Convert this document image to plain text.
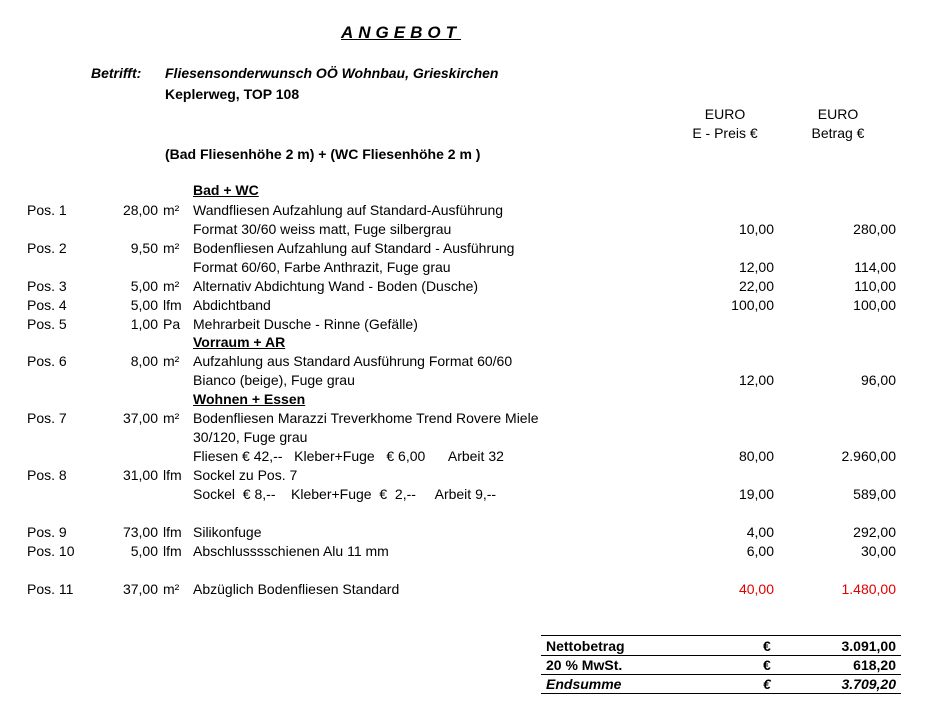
ANGEBOT
Betrifft: Fliesensonderwunsch OÖ Wohnbau, Grieskirchen
Keplerweg, TOP 108
EURO
E - Preis €
EURO
Betrag €
(Bad Fliesenhöhe 2 m) + (WC Fliesenhöhe 2 m )
Bad + WC
Pos. 1	28,00 m² Wandfliesen Aufzahlung auf Standard-Ausführung
Format 30/60 weiss matt, Fuge silbergrau	10,00	280,00
Pos. 2	9,50 m² Bodenfliesen Aufzahlung auf Standard - Ausführung
Format 60/60, Farbe Anthrazit, Fuge grau	12,00	114,00
Pos. 3	5,00 m² Alternativ Abdichtung Wand - Boden (Dusche)	22,00	110,00
Pos. 4	5,00 lfm Abdichtband	100,00	100,00
Pos. 5	1,00 Pa Mehrarbeit Dusche - Rinne (Gefälle)
Vorraum + AR
Pos. 6	8,00 m² Aufzahlung aus Standard Ausführung Format 60/60
Bianco (beige), Fuge grau	12,00	96,00
Wohnen + Essen
Pos. 7	37,00 m² Bodenfliesen Marazzi Treverkhome Trend Rovere Miele
30/120, Fuge grau
Fliesen € 42,--   Kleber+Fuge   € 6,00      Arbeit 32	80,00	2.960,00
Pos. 8	31,00 lfm Sockel zu Pos. 7
Sockel  € 8,--    Kleber+Fuge  €  2,--     Arbeit 9,--	19,00	589,00
Pos. 9	73,00 lfm Silikonfuge	4,00	292,00
Pos. 10	5,00 lfm Abschlusssschienen Alu 11 mm	6,00	30,00
Pos. 11	37,00 m² Abzüglich Bodenfliesen Standard	40,00	1.480,00
Nettobetrag	€	3.091,00
20 % MwSt.	€	618,20
Endsumme	€	3.709,20
